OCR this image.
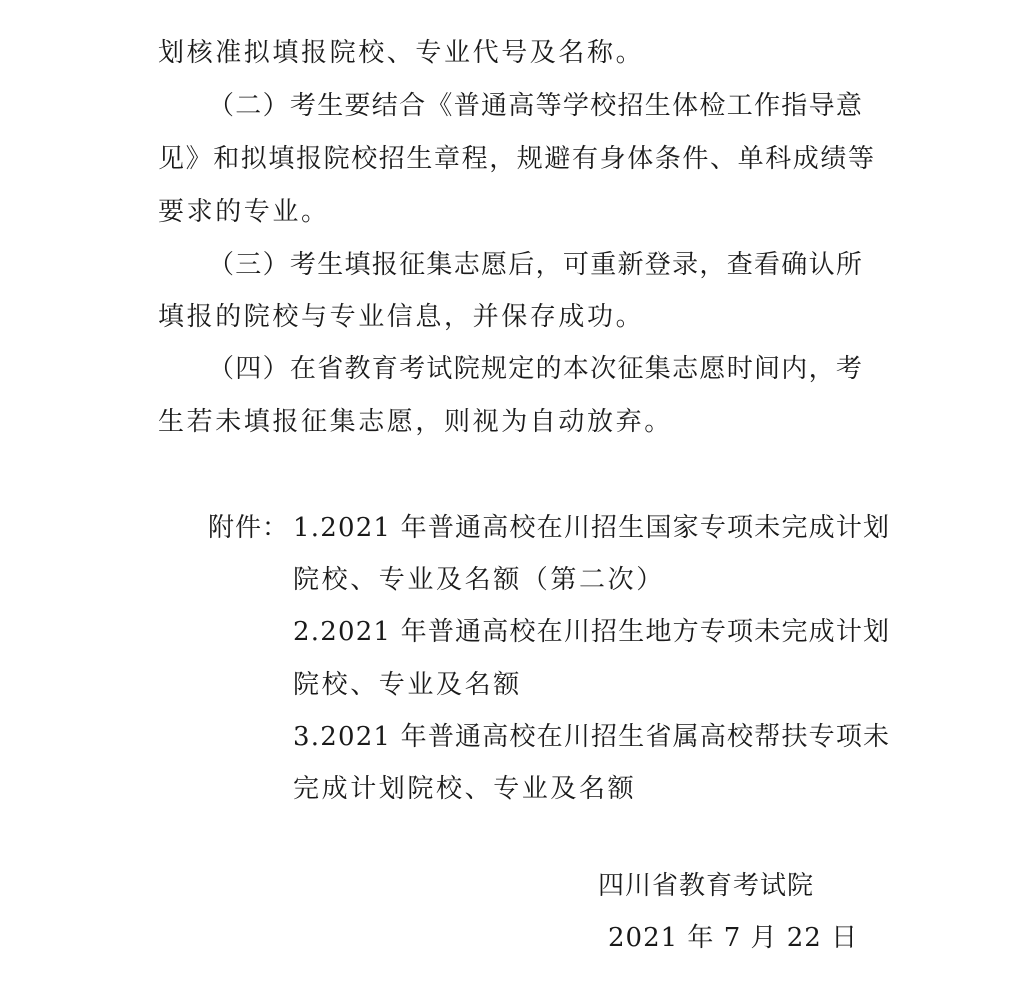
划核准拟填报院校、专业代号及名称。
（二）考生要结合《普通高等学校招生体检工作指导意
见》和拟填报院校招生章程，规避有身体条件、单科成绩等
要求的专业。
（三）考生填报征集志愿后，可重新登录，查看确认所
填报的院校与专业信息，并保存成功。
（四）在省教育考试院规定的本次征集志愿时间内，考
生若未填报征集志愿，则视为自动放弃。
附件： 1.2021 年普通高校在川招生国家专项未完成计划
院校、专业及名额（第二次）
2.2021 年普通高校在川招生地方专项未完成计划
院校、专业及名额
3.2021 年普通高校在川招生省属高校帮扶专项未
完成计划院校、专业及名额
四川省教育考试院
2021 年 7 月 22 日
